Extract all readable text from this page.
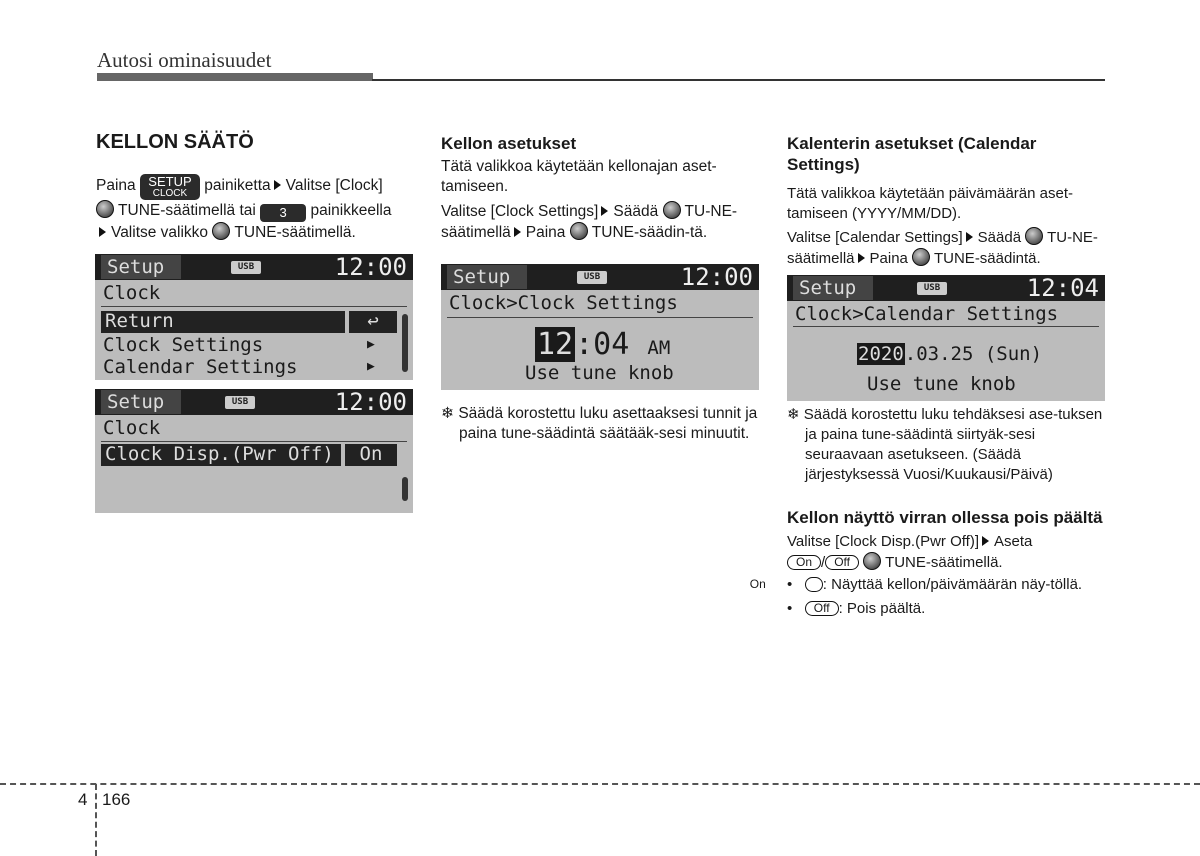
Autosi ominaisuudet

KELLON SÄÄTÖ

Paina SETUP
CLOCK	painiketta Valitse [Clock]
TUNE-säätimellä tai 3 painikkeella
Valitse valikko TUNE-säätimellä.

Setup	USB	12:00
Clock
Return	↩
Clock Settings	▶
Calendar Settings	▶
Setup	USB	12:00
Clock
Clock Disp.(Pwr Off)	On

Kellon asetukset

Tätä valikkoa käytetään kellonajan aset-tamiseen.

Valitse [Clock Settings] Säädä TU-NE-säätimellä Paina TUNE-säädin-tä.

Setup	USB	12:00
Clock>Clock Settings
12:04 AM
Use tune knob

❄ Säädä korostettu luku asettaaksesi tunnit ja paina tune-säädintä säätääk-sesi minuutit.

Kalenterin asetukset (Calendar Settings)

Tätä valikkoa käytetään päivämäärän aset-tamiseen (YYYY/MM/DD).

Valitse [Calendar Settings] Säädä TU-NE-säätimellä Paina TUNE-säädintä.

Setup	USB	12:04
Clock>Calendar Settings
2020.03.25 (Sun)
Use tune knob

❄ Säädä korostettu luku tehdäksesi ase-tuksen ja paina tune-säädintä siirtyäk-sesi seuraavaan asetukseen. (Säädä järjestyksessä Vuosi/Kuukausi/Päivä)

Kellon näyttö virran ollessa pois päältä

Valitse [Clock Disp.(Pwr Off)] Aseta
On / Off TUNE-säätimellä.

•   On	: Näyttää kellon/päivämäärän näy-töllä.

• Off : Pois päältä.

4 166
